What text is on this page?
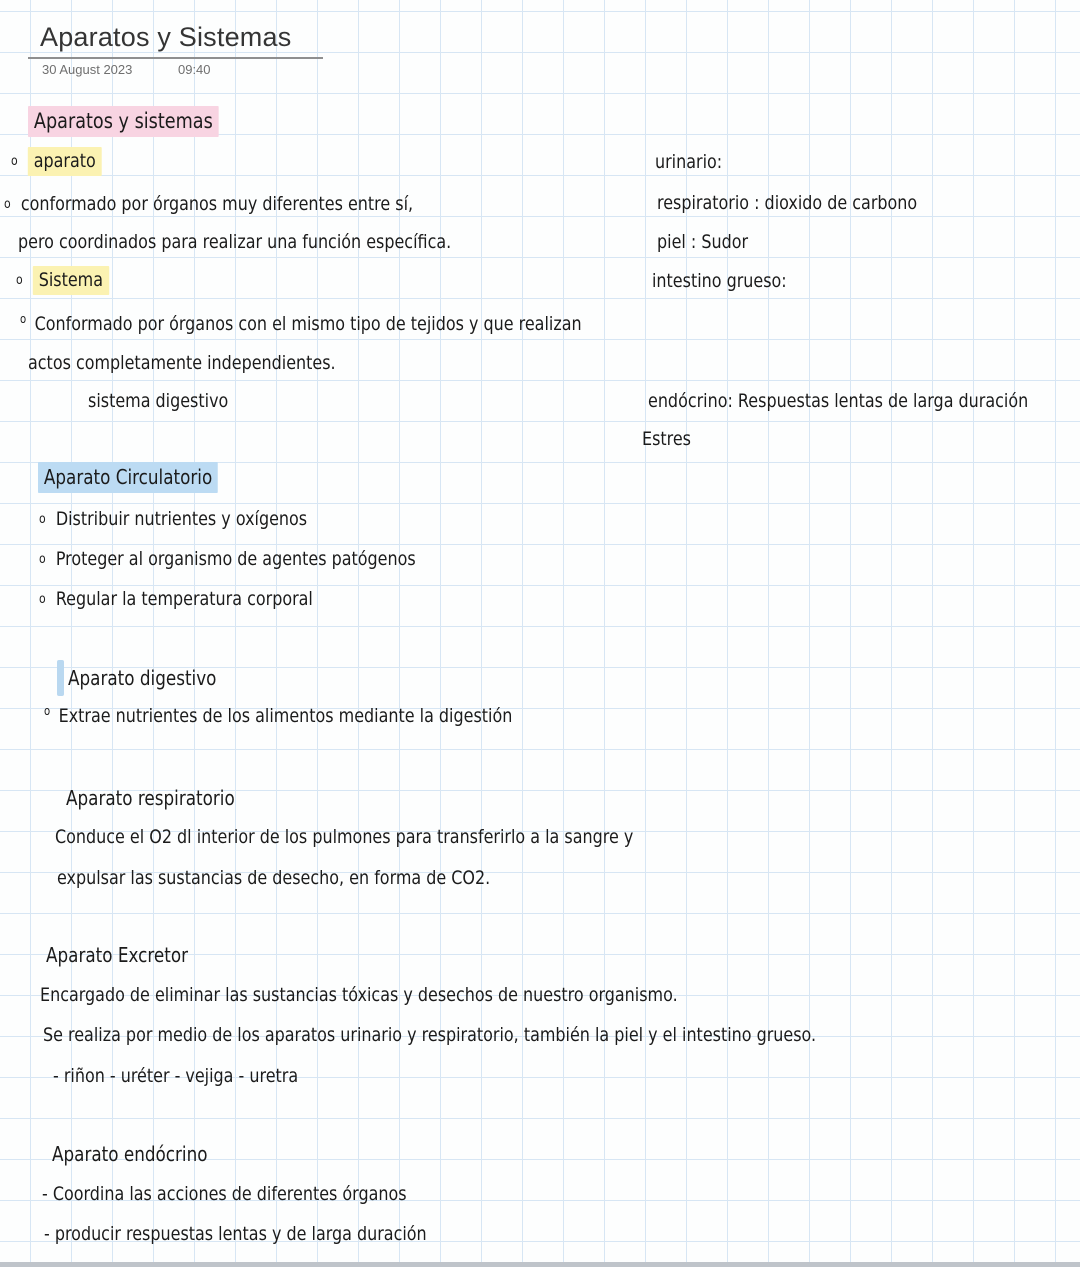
Aparatos y Sistemas
30 August 2023	09:40
Aparatos y sistemas
o aparato
o conformado por órganos muy diferentes entre sí,
pero coordinados para realizar una función específica.
o Sistema
$^o$ Conformado por órganos con el mismo tipo de tejidos y que realizan
actos completamente independientes.
sistema digestivo
urinario:
respiratorio : dioxido de carbono
piel : Sudor
intestino grueso:
endócrino: Respuestas lentas de larga duración
Estres
Aparato Circulatorio
o Distribuir nutrientes y oxígenos
o Proteger al organismo de agentes patógenos
o Regular la temperatura corporal
Aparato digestivo
$^o$ Extrae nutrientes de los alimentos mediante la digestión
Aparato respiratorio
Conduce el O2 dl interior de los pulmones para transferirlo a la sangre y
expulsar las sustancias de desecho, en forma de CO2.
Aparato Excretor
Encargado de eliminar las sustancias tóxicas y desechos de nuestro organismo.
Se realiza por medio de los aparatos urinario y respiratorio, también la piel y el intestino grueso.
- riñon - uréter - vejiga - uretra
Aparato endócrino
- Coordina las acciones de diferentes órganos
- producir respuestas lentas y de larga duración
